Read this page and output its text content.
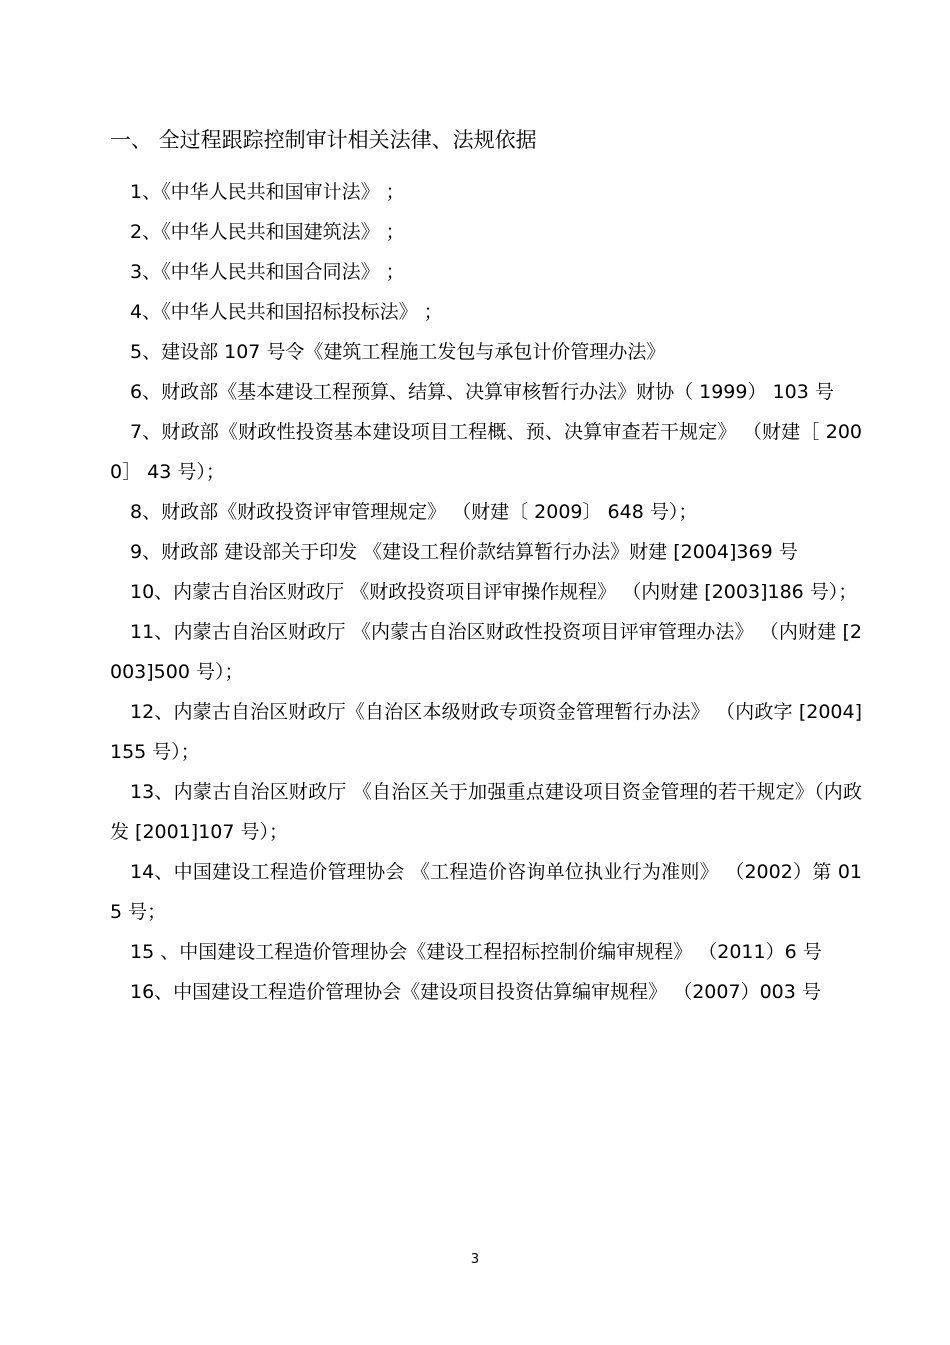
一、 全过程跟踪控制审计相关法律、法规依据
1、《中华人民共和国审计法》 ；
2、《中华人民共和国建筑法》 ；
3、《中华人民共和国合同法》 ；
4、《中华人民共和国招标投标法》 ；
5、建设部 107 号令《建筑工程施工发包与承包计价管理办法》
6、财政部《基本建设工程预算、结算、决算审核暂行办法》财协（ 1999） 103 号
7、财政部《财政性投资基本建设项目工程概、预、决算审查若干规定》 （财建［ 2000］ 43 号）；
8、财政部《财政投资评审管理规定》 （财建〔 2009〕 648 号）；
9、财政部 建设部关于印发 《建设工程价款结算暂行办法》财建 [2004]369 号
10、内蒙古自治区财政厅 《财政投资项目评审操作规程》 （内财建 [2003]186 号）；
11、内蒙古自治区财政厅 《内蒙古自治区财政性投资项目评审管理办法》 （内财建 [2003]500 号）；
12、内蒙古自治区财政厅《自治区本级财政专项资金管理暂行办法》 （内政字 [2004]155 号）；
13、内蒙古自治区财政厅 《自治区关于加强重点建设项目资金管理的若干规定》（内政发 [2001]107 号）；
14、中国建设工程造价管理协会 《工程造价咨询单位执业行为准则》 （2002）第 015 号；
15 、中国建设工程造价管理协会《建设工程招标控制价编审规程》 （2011）6 号
16、中国建设工程造价管理协会《建设项目投资估算编审规程》 （2007）003 号
3
